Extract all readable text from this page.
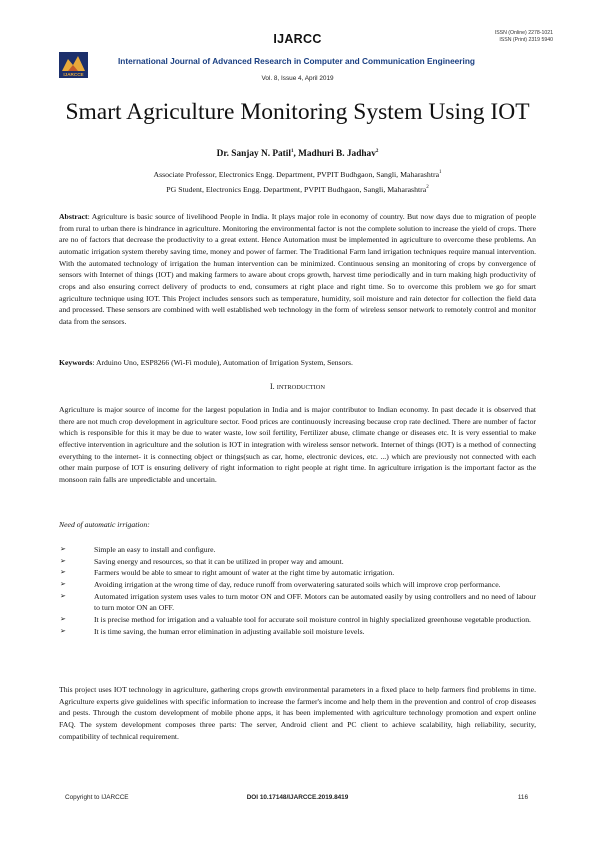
IJARCC	ISSN (Online) 2278-1021
ISSN (Print) 2319 5940
IJARCCE
International Journal of Advanced Research in Computer and Communication Engineering
Vol. 8, Issue 4, April 2019
Smart Agriculture Monitoring System Using IOT
Dr. Sanjay N. Patil$^1$, Madhuri B. Jadhav$^2$
Associate Professor, Electronics Engg. Department, PVPIT Budhgaon, Sangli, Maharashtra$^1$
PG Student, Electronics Engg. Department, PVPIT Budhgaon, Sangli, Maharashtra$^2$
Abstract: Agriculture is basic source of livelihood People in India. It plays major role in economy of country. But now days due to migration of people from rural to urban there is hindrance in agriculture. Monitoring the environmental factor is not the complete solution to increase the yield of crops. There are no of factors that decrease the productivity to a great extent. Hence Automation must be implemented in agriculture to overcome these problems. An automatic irrigation system thereby saving time, money and power of farmer. The Traditional Farm land irrigation techniques require manual intervention. With the automated technology of irrigation the human intervention can be minimized. Continuous sensing an monitoring of crops by convergence of sensors with Internet of things (IOT) and making farmers to aware about crops growth, harvest time periodically and in turn making high productivity of crops and also ensuring correct delivery of products to end, consumers at right place and right time. So to overcome this problem we go for smart agriculture technique using IOT. This Project includes sensors such as temperature, humidity, soil moisture and rain detector for collection the field data and processed. These sensors are combined with well established web technology in the form of wireless sensor network to remotely control and monitor data from the sensors.
Keywords: Arduino Uno, ESP8266 (Wi-Fi module), Automation of Irrigation System, Sensors.
I. INTRODUCTION
Agriculture is major source of income for the largest population in India and is major contributor to Indian economy. In past decade it is observed that there are not much crop development in agriculture sector. Food prices are continuously increasing because crop rate declined. There are number of factor which is responsible for this it may be due to water waste, low soil fertility, Fertilizer abuse, climate change or diseases etc. It is very essential to make effective intervention in agriculture and the solution is IOT in integration with wireless sensor network. Internet of things (IOT) is a method of connecting everything to the internet- it is connecting object or things(such as car, home, electronic devices, etc. ...) which are previously not connected with each other main purpose of IOT is ensuring delivery of right information to right people at right time. In agriculture irrigation is the important factor as the monsoon rain falls are unpredictable and uncertain.
Need of automatic irrigation:
➢	Simple an easy to install and configure.
➢	Saving energy and resources, so that it can be utilized in proper way and amount.
➢	Farmers would be able to smear to right amount of water at the right time by automatic irrigation.
➢	Avoiding irrigation at the wrong time of day, reduce runoff from overwatering saturated soils which will improve crop performance.
➢	Automated irrigation system uses vales to turn motor ON and OFF. Motors can be automated easily by using controllers and no need of labour to turn motor ON an OFF.
➢	It is precise method for irrigation and a valuable tool for accurate soil moisture control in highly specialized greenhouse vegetable production.
➢	It is time saving, the human error elimination in adjusting available soil moisture levels.
This project uses IOT technology in agriculture, gathering crops growth environmental parameters in a fixed place to help farmers find problems in time. Agriculture experts give guidelines with specific information to increase the farmer's income and help them in the prevention and control of crop diseases and pests. Through the custom development of mobile phone apps, it has been implemented with agriculture technology promotion and expert online FAQ. The system development composes three parts: The server, Android client and PC client to achieve scalability, high reliability, security, compatibility of technical requirement.
Copyright to IJARCCE	DOI 10.17148/IJARCCE.2019.8419	116
